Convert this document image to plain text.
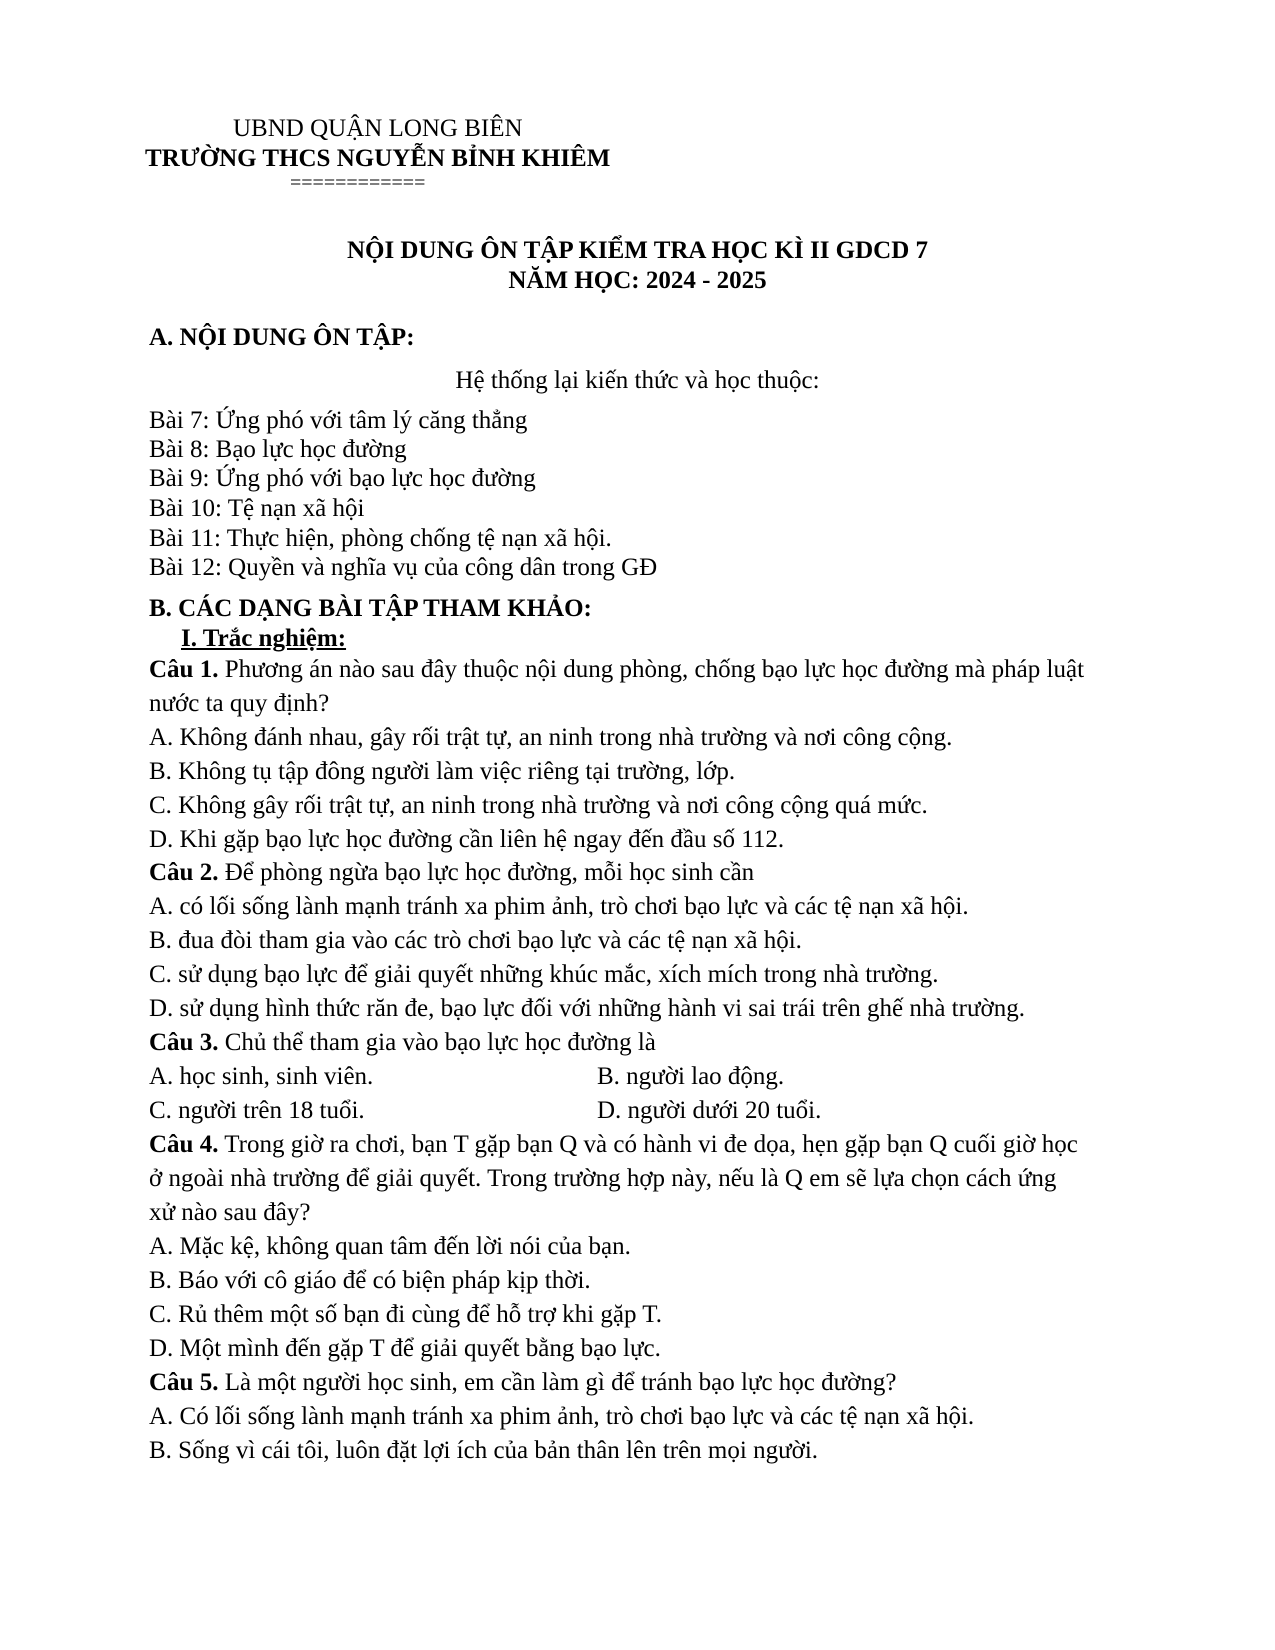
UBND QUẬN LONG BIÊN
TRƯỜNG THCS NGUYỄN BỈNH KHIÊM
============
NỘI DUNG ÔN TẬP KIỂM TRA HỌC KÌ II GDCD 7
NĂM HỌC: 2024 - 2025
A. NỘI DUNG ÔN TẬP:
Hệ thống lại kiến thức và học thuộc:
Bài 7: Ứng phó với tâm lý căng thẳng
Bài 8: Bạo lực học đường
Bài 9: Ứng phó với bạo lực học đường
Bài 10: Tệ nạn xã hội
Bài 11: Thực hiện, phòng chống tệ nạn xã hội.
Bài 12: Quyền và nghĩa vụ của công dân trong GĐ
B. CÁC DẠNG BÀI TẬP THAM KHẢO:
I. Trắc nghiệm:
Câu 1. Phương án nào sau đây thuộc nội dung phòng, chống bạo lực học đường mà pháp luật
nước ta quy định?
A. Không đánh nhau, gây rối trật tự, an ninh trong nhà trường và nơi công cộng.
B. Không tụ tập đông người làm việc riêng tại trường, lớp.
C. Không gây rối trật tự, an ninh trong nhà trường và nơi công cộng quá mức.
D. Khi gặp bạo lực học đường cần liên hệ ngay đến đầu số 112.
Câu 2. Để phòng ngừa bạo lực học đường, mỗi học sinh cần
A. có lối sống lành mạnh tránh xa phim ảnh, trò chơi bạo lực và các tệ nạn xã hội.
B. đua đòi tham gia vào các trò chơi bạo lực và các tệ nạn xã hội.
C. sử dụng bạo lực để giải quyết những khúc mắc, xích mích trong nhà trường.
D. sử dụng hình thức răn đe, bạo lực đối với những hành vi sai trái trên ghế nhà trường.
Câu 3. Chủ thể tham gia vào bạo lực học đường là
A. học sinh, sinh viên.	B. người lao động.
C. người trên 18 tuổi.	D. người dưới 20 tuổi.
Câu 4. Trong giờ ra chơi, bạn T gặp bạn Q và có hành vi đe dọa, hẹn gặp bạn Q cuối giờ học
ở ngoài nhà trường để giải quyết. Trong trường hợp này, nếu là Q em sẽ lựa chọn cách ứng
xử nào sau đây?
A. Mặc kệ, không quan tâm đến lời nói của bạn.
B. Báo với cô giáo để có biện pháp kịp thời.
C. Rủ thêm một số bạn đi cùng để hỗ trợ khi gặp T.
D. Một mình đến gặp T để giải quyết bằng bạo lực.
Câu 5. Là một người học sinh, em cần làm gì để tránh bạo lực học đường?
A. Có lối sống lành mạnh tránh xa phim ảnh, trò chơi bạo lực và các tệ nạn xã hội.
B. Sống vì cái tôi, luôn đặt lợi ích của bản thân lên trên mọi người.
